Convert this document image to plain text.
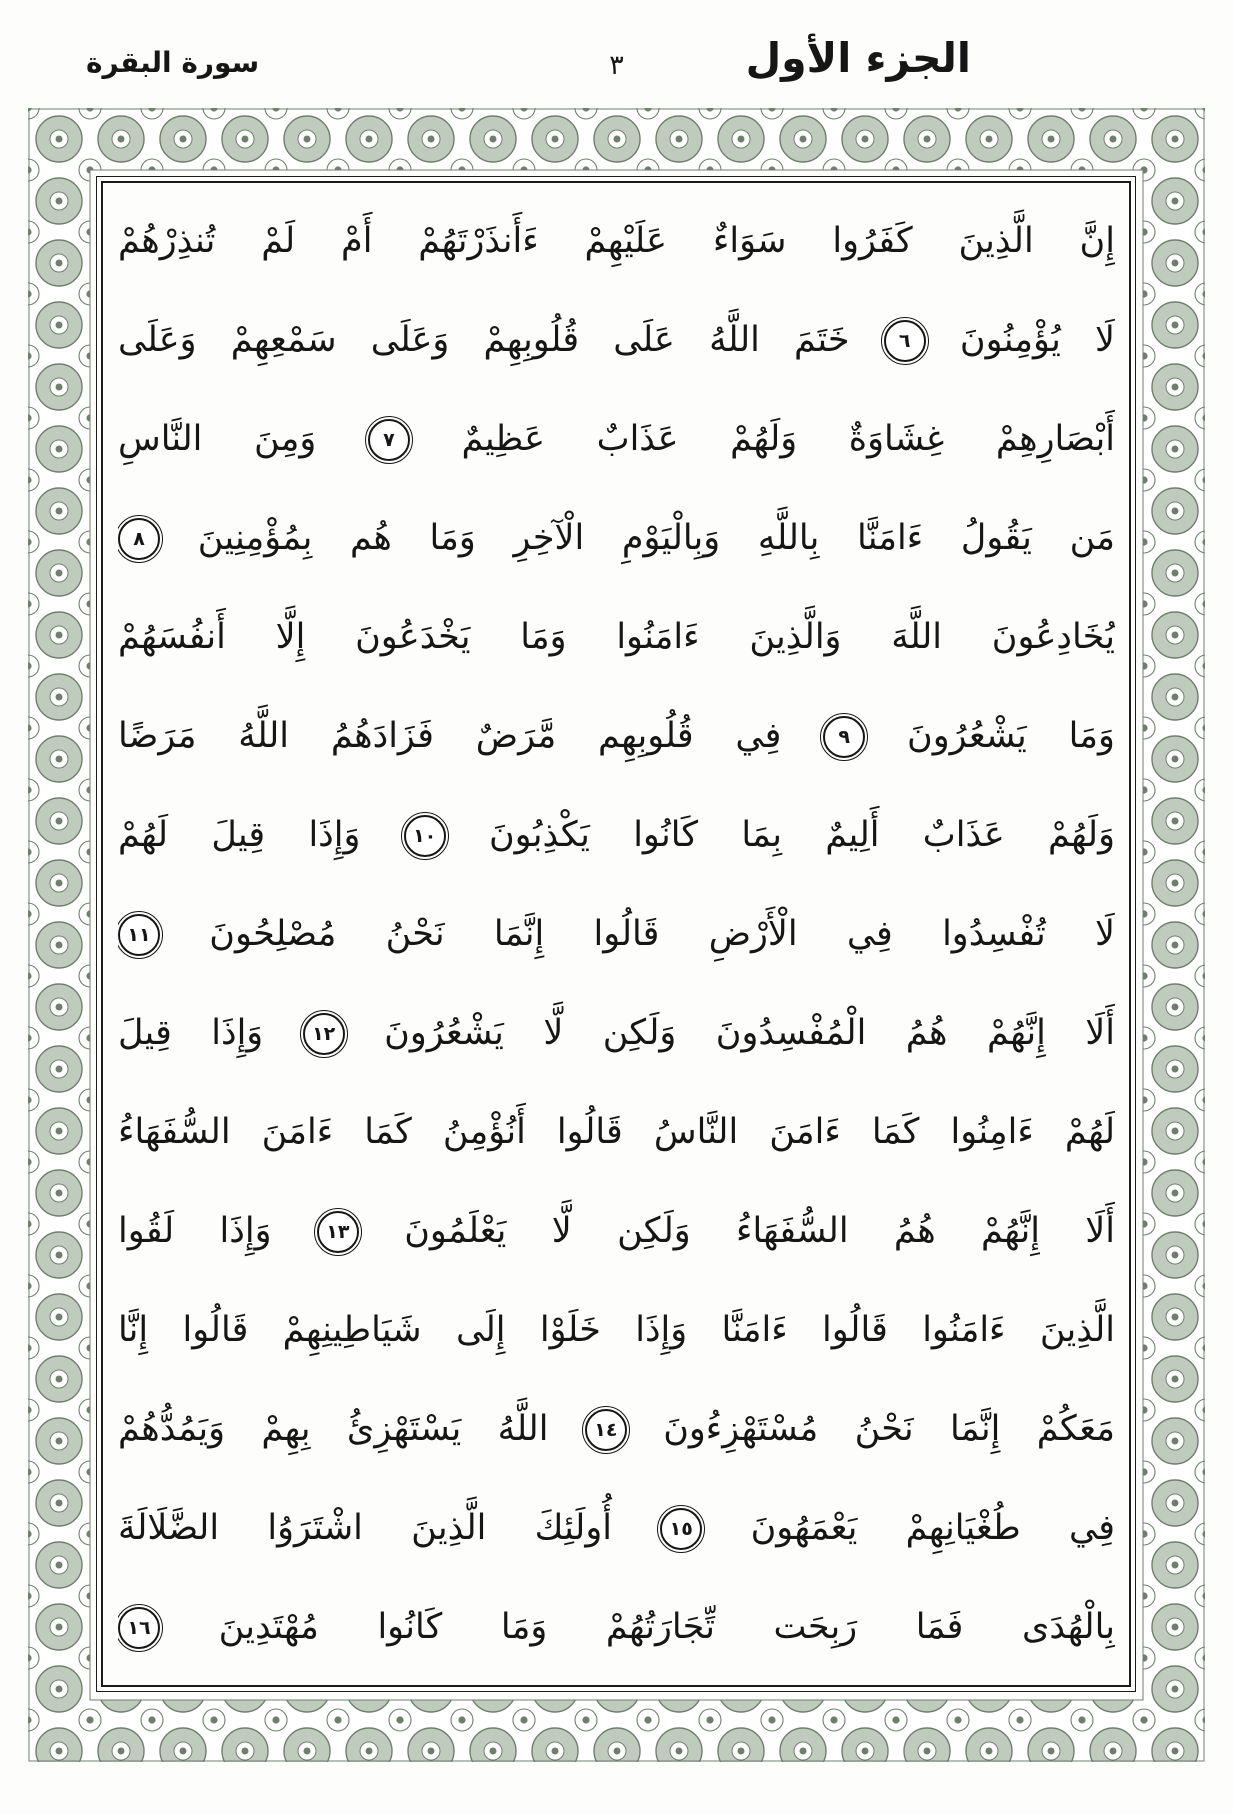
سورة البقرة	٣	الجزء الأول
إِنَّ الَّذِينَ كَفَرُوا سَوَاءٌ عَلَيْهِمْ ءَأَنذَرْتَهُمْ أَمْ لَمْ تُنذِرْهُمْ
لَا يُؤْمِنُونَ
٦
خَتَمَ اللَّهُ عَلَى قُلُوبِهِمْ وَعَلَى سَمْعِهِمْ وَعَلَى
أَبْصَارِهِمْ غِشَاوَةٌ وَلَهُمْ عَذَابٌ عَظِيمٌ
٧
وَمِنَ النَّاسِ
مَن يَقُولُ ءَامَنَّا بِاللَّهِ وَبِالْيَوْمِ الْآخِرِ وَمَا هُم بِمُؤْمِنِينَ
٨
يُخَادِعُونَ اللَّهَ وَالَّذِينَ ءَامَنُوا وَمَا يَخْدَعُونَ إِلَّا أَنفُسَهُمْ
وَمَا يَشْعُرُونَ
٩
فِي قُلُوبِهِم مَّرَضٌ فَزَادَهُمُ اللَّهُ مَرَضًا
وَلَهُمْ عَذَابٌ أَلِيمٌ بِمَا كَانُوا يَكْذِبُونَ
١٠
وَإِذَا قِيلَ لَهُمْ
لَا تُفْسِدُوا فِي الْأَرْضِ قَالُوا إِنَّمَا نَحْنُ مُصْلِحُونَ
١١
أَلَا إِنَّهُمْ هُمُ الْمُفْسِدُونَ وَلَكِن لَّا يَشْعُرُونَ
١٢
وَإِذَا قِيلَ
لَهُمْ ءَامِنُوا كَمَا ءَامَنَ النَّاسُ قَالُوا أَنُؤْمِنُ كَمَا ءَامَنَ السُّفَهَاءُ
أَلَا إِنَّهُمْ هُمُ السُّفَهَاءُ وَلَكِن لَّا يَعْلَمُونَ
١٣
وَإِذَا لَقُوا
الَّذِينَ ءَامَنُوا قَالُوا ءَامَنَّا وَإِذَا خَلَوْا إِلَى شَيَاطِينِهِمْ قَالُوا إِنَّا
مَعَكُمْ إِنَّمَا نَحْنُ مُسْتَهْزِءُونَ
١٤
اللَّهُ يَسْتَهْزِئُ بِهِمْ وَيَمُدُّهُمْ
فِي طُغْيَانِهِمْ يَعْمَهُونَ
١٥
أُولَئِكَ الَّذِينَ اشْتَرَوُا الضَّلَالَةَ
بِالْهُدَى فَمَا رَبِحَت تِّجَارَتُهُمْ وَمَا كَانُوا مُهْتَدِينَ
١٦
